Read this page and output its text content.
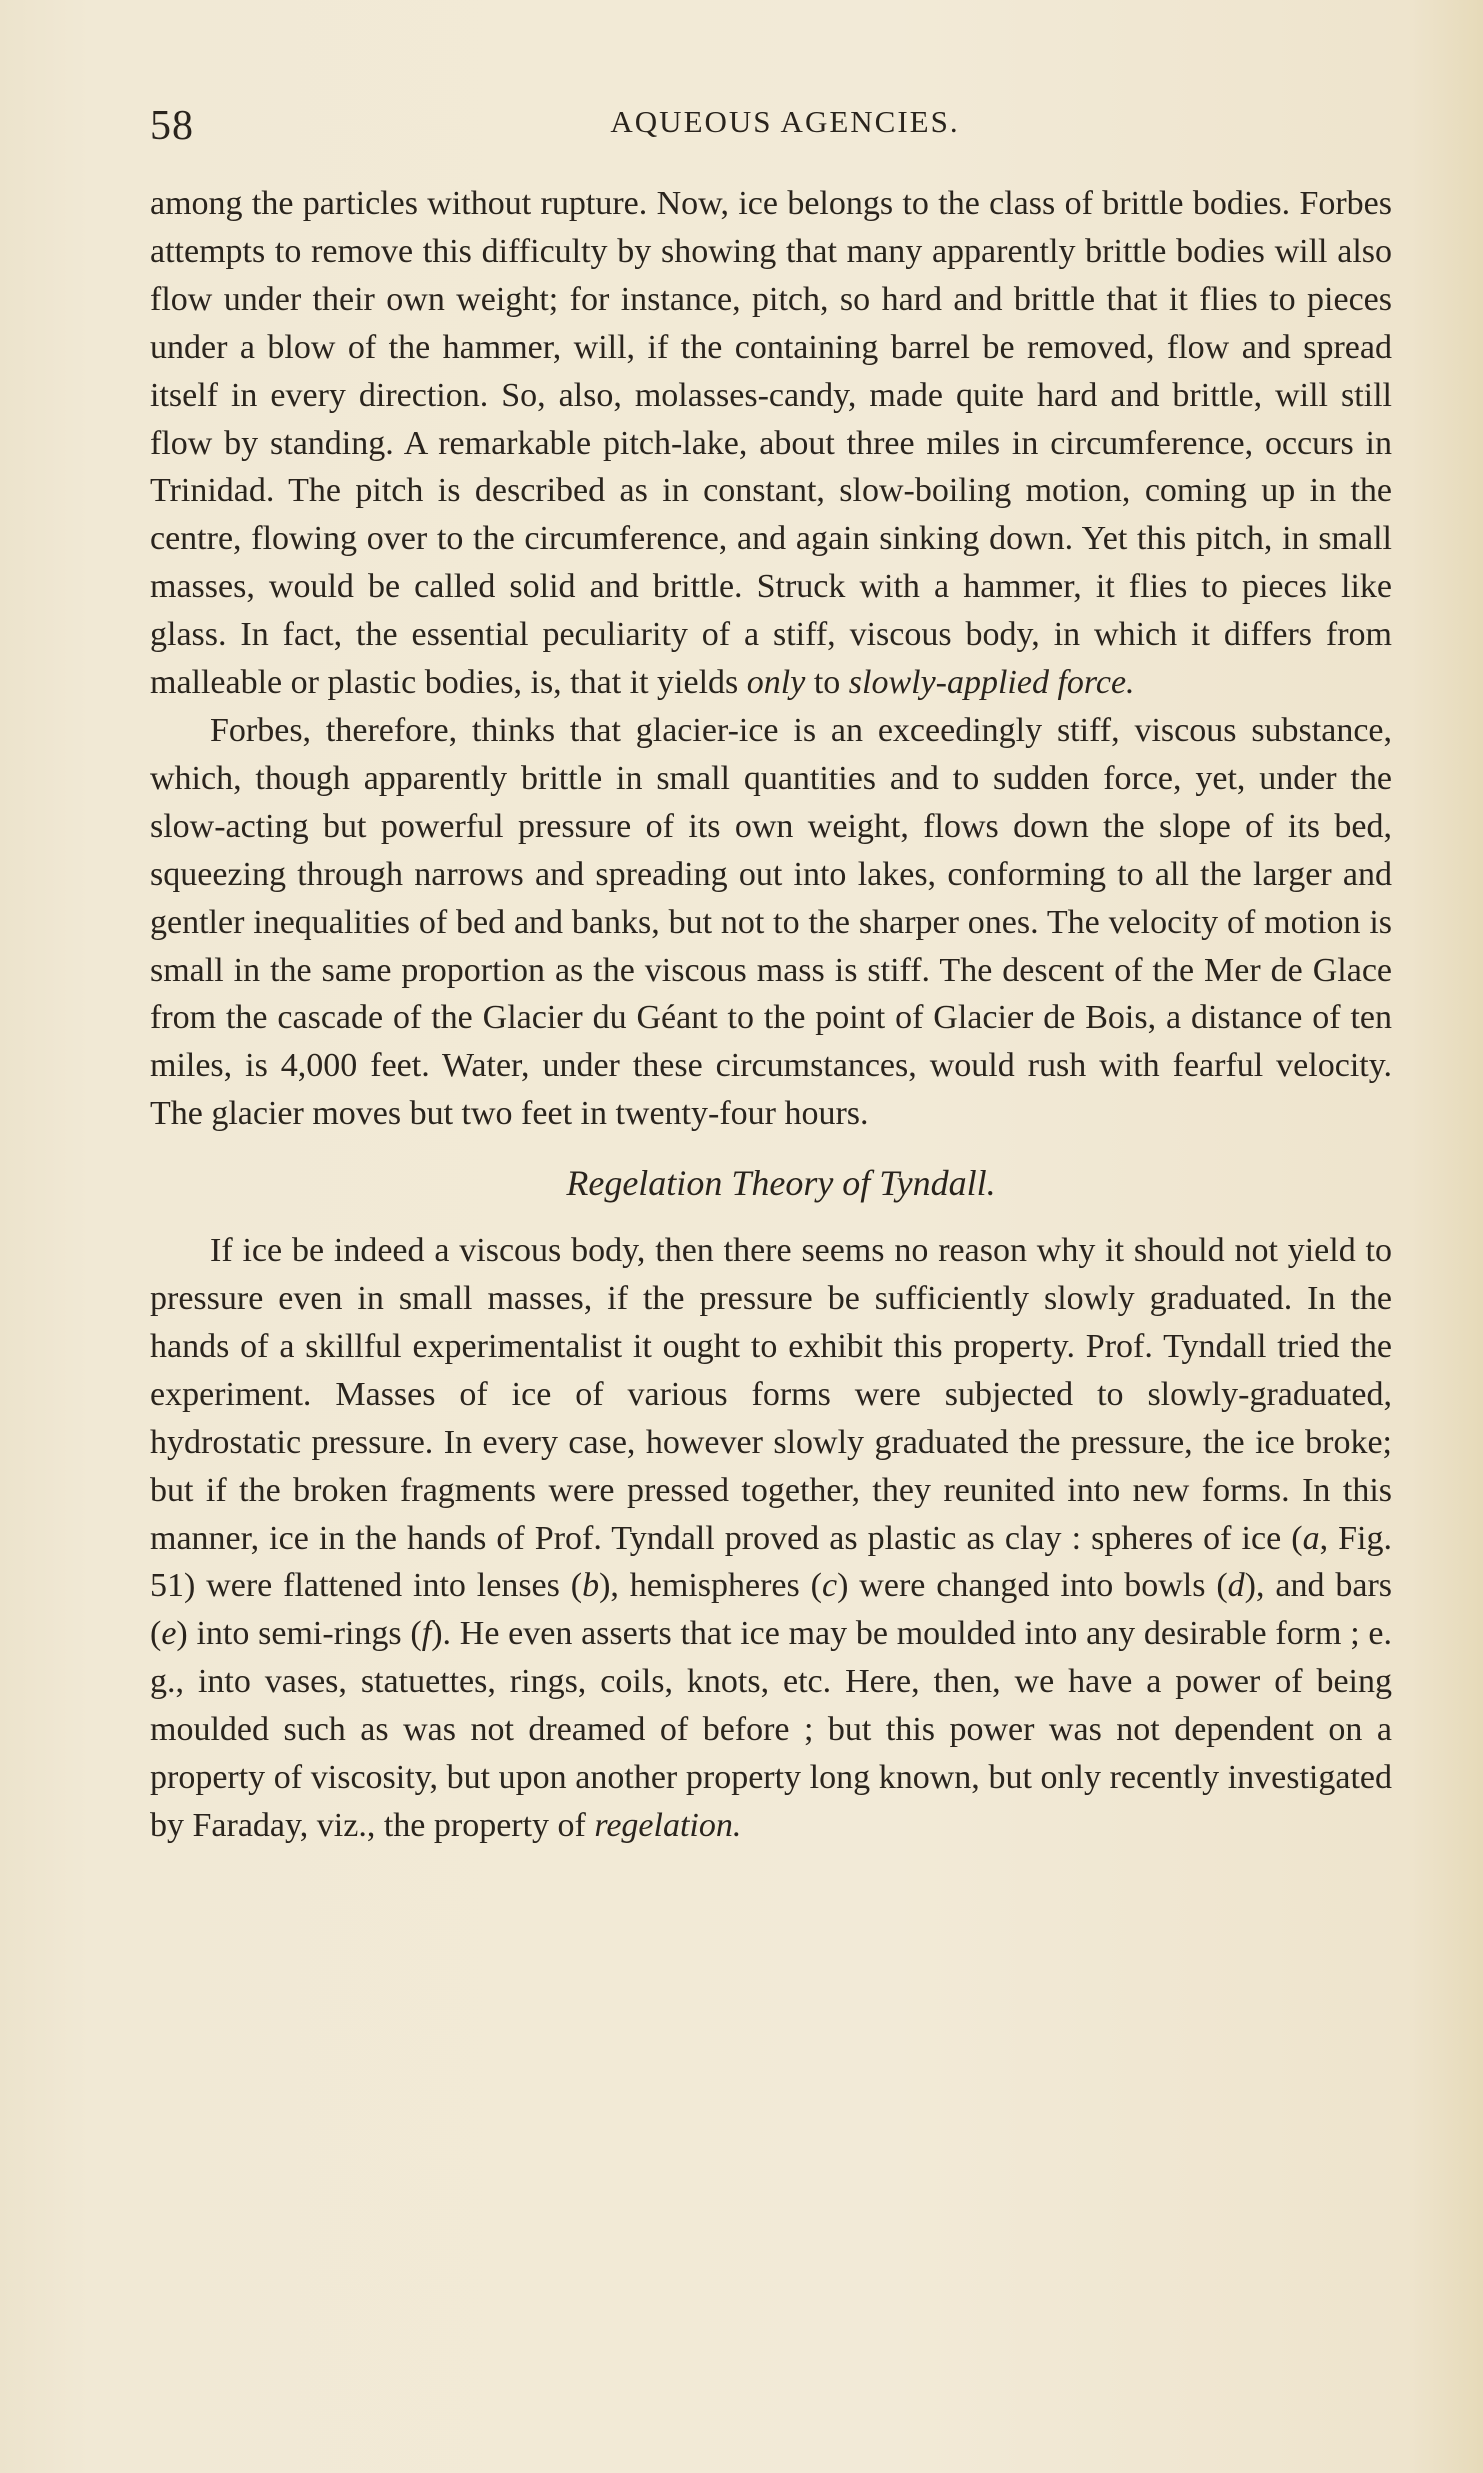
58	AQUEOUS AGENCIES.

among the particles without rupture. Now, ice belongs to the class of brittle bodies. Forbes attempts to remove this difficulty by showing that many apparently brittle bodies will also flow under their own weight; for instance, pitch, so hard and brittle that it flies to pieces under a blow of the hammer, will, if the containing barrel be removed, flow and spread itself in every direction. So, also, molasses-candy, made quite hard and brittle, will still flow by standing. A remarkable pitch-lake, about three miles in circumference, occurs in Trinidad. The pitch is described as in constant, slow-boiling motion, coming up in the centre, flowing over to the circumference, and again sinking down. Yet this pitch, in small masses, would be called solid and brittle. Struck with a hammer, it flies to pieces like glass. In fact, the essential peculiarity of a stiff, viscous body, in which it differs from malleable or plastic bodies, is, that it yields only to slowly-applied force.

Forbes, therefore, thinks that glacier-ice is an exceedingly stiff, viscous substance, which, though apparently brittle in small quantities and to sudden force, yet, under the slow-acting but powerful pressure of its own weight, flows down the slope of its bed, squeezing through narrows and spreading out into lakes, conforming to all the larger and gentler inequalities of bed and banks, but not to the sharper ones. The velocity of motion is small in the same proportion as the viscous mass is stiff. The descent of the Mer de Glace from the cascade of the Glacier du Géant to the point of Glacier de Bois, a distance of ten miles, is 4,000 feet. Water, under these circumstances, would rush with fearful velocity. The glacier moves but two feet in twenty-four hours.

Regelation Theory of Tyndall.

If ice be indeed a viscous body, then there seems no reason why it should not yield to pressure even in small masses, if the pressure be sufficiently slowly graduated. In the hands of a skillful experimentalist it ought to exhibit this property. Prof. Tyndall tried the experiment. Masses of ice of various forms were subjected to slowly-graduated, hydrostatic pressure. In every case, however slowly graduated the pressure, the ice broke; but if the broken fragments were pressed together, they reunited into new forms. In this manner, ice in the hands of Prof. Tyndall proved as plastic as clay : spheres of ice (a, Fig. 51) were flattened into lenses (b), hemispheres (c) were changed into bowls (d), and bars (e) into semi-rings (f). He even asserts that ice may be moulded into any desirable form ; e. g., into vases, statuettes, rings, coils, knots, etc. Here, then, we have a power of being moulded such as was not dreamed of before ; but this power was not dependent on a property of viscosity, but upon another property long known, but only recently investigated by Faraday, viz., the property of regelation.
